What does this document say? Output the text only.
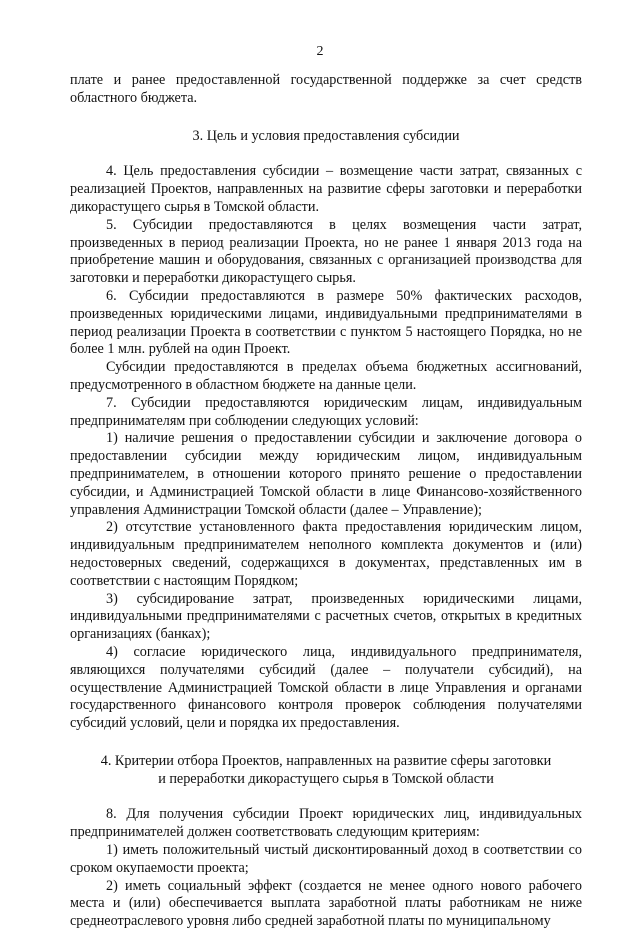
2

плате и ранее предоставленной государственной поддержке за счет средств областного бюджета.

3. Цель и условия предоставления субсидии

4. Цель предоставления субсидии – возмещение части затрат, связанных с реализацией Проектов, направленных на развитие сферы заготовки и переработки дикорастущего сырья в Томской области.

5. Субсидии предоставляются в целях возмещения части затрат, произведенных в период реализации Проекта, но не ранее 1 января 2013 года на приобретение машин и оборудования, связанных с организацией производства для заготовки и переработки дикорастущего сырья.

6. Субсидии предоставляются в размере 50% фактических расходов, произведенных юридическими лицами, индивидуальными предпринимателями в период реализации Проекта в соответствии с пунктом 5 настоящего Порядка, но не более 1 млн. рублей на один Проект.

Субсидии предоставляются в пределах объема бюджетных ассигнований, предусмотренного в областном бюджете на данные цели.

7. Субсидии предоставляются юридическим лицам, индивидуальным предпринимателям при соблюдении следующих условий:

1) наличие решения о предоставлении субсидии и заключение договора о предоставлении субсидии между юридическим лицом, индивидуальным предпринимателем, в отношении которого принято решение о предоставлении субсидии, и Администрацией Томской области в лице Финансово-хозяйственного управления Администрации Томской области (далее – Управление);

2) отсутствие установленного факта предоставления юридическим лицом, индивидуальным предпринимателем неполного комплекта документов и (или) недостоверных сведений, содержащихся в документах, представленных им в соответствии с настоящим Порядком;

3) субсидирование затрат, произведенных юридическими лицами, индивидуальными предпринимателями с расчетных счетов, открытых в кредитных организациях (банках);

4) согласие юридического лица, индивидуального предпринимателя, являющихся получателями субсидий (далее – получатели субсидий), на осуществление Администрацией Томской области в лице Управления и органами государственного финансового контроля проверок соблюдения получателями субсидий условий, цели и порядка их предоставления.

4. Критерии отбора Проектов, направленных на развитие сферы заготовки
и переработки дикорастущего сырья в Томской области

8. Для получения субсидии Проект юридических лиц, индивидуальных предпринимателей должен соответствовать следующим критериям:

1) иметь положительный чистый дисконтированный доход в соответствии со сроком окупаемости проекта;

2) иметь социальный эффект (создается не менее одного нового рабочего места и (или) обеспечивается выплата заработной платы работникам не ниже среднеотраслевого уровня либо средней заработной платы по муниципальному
